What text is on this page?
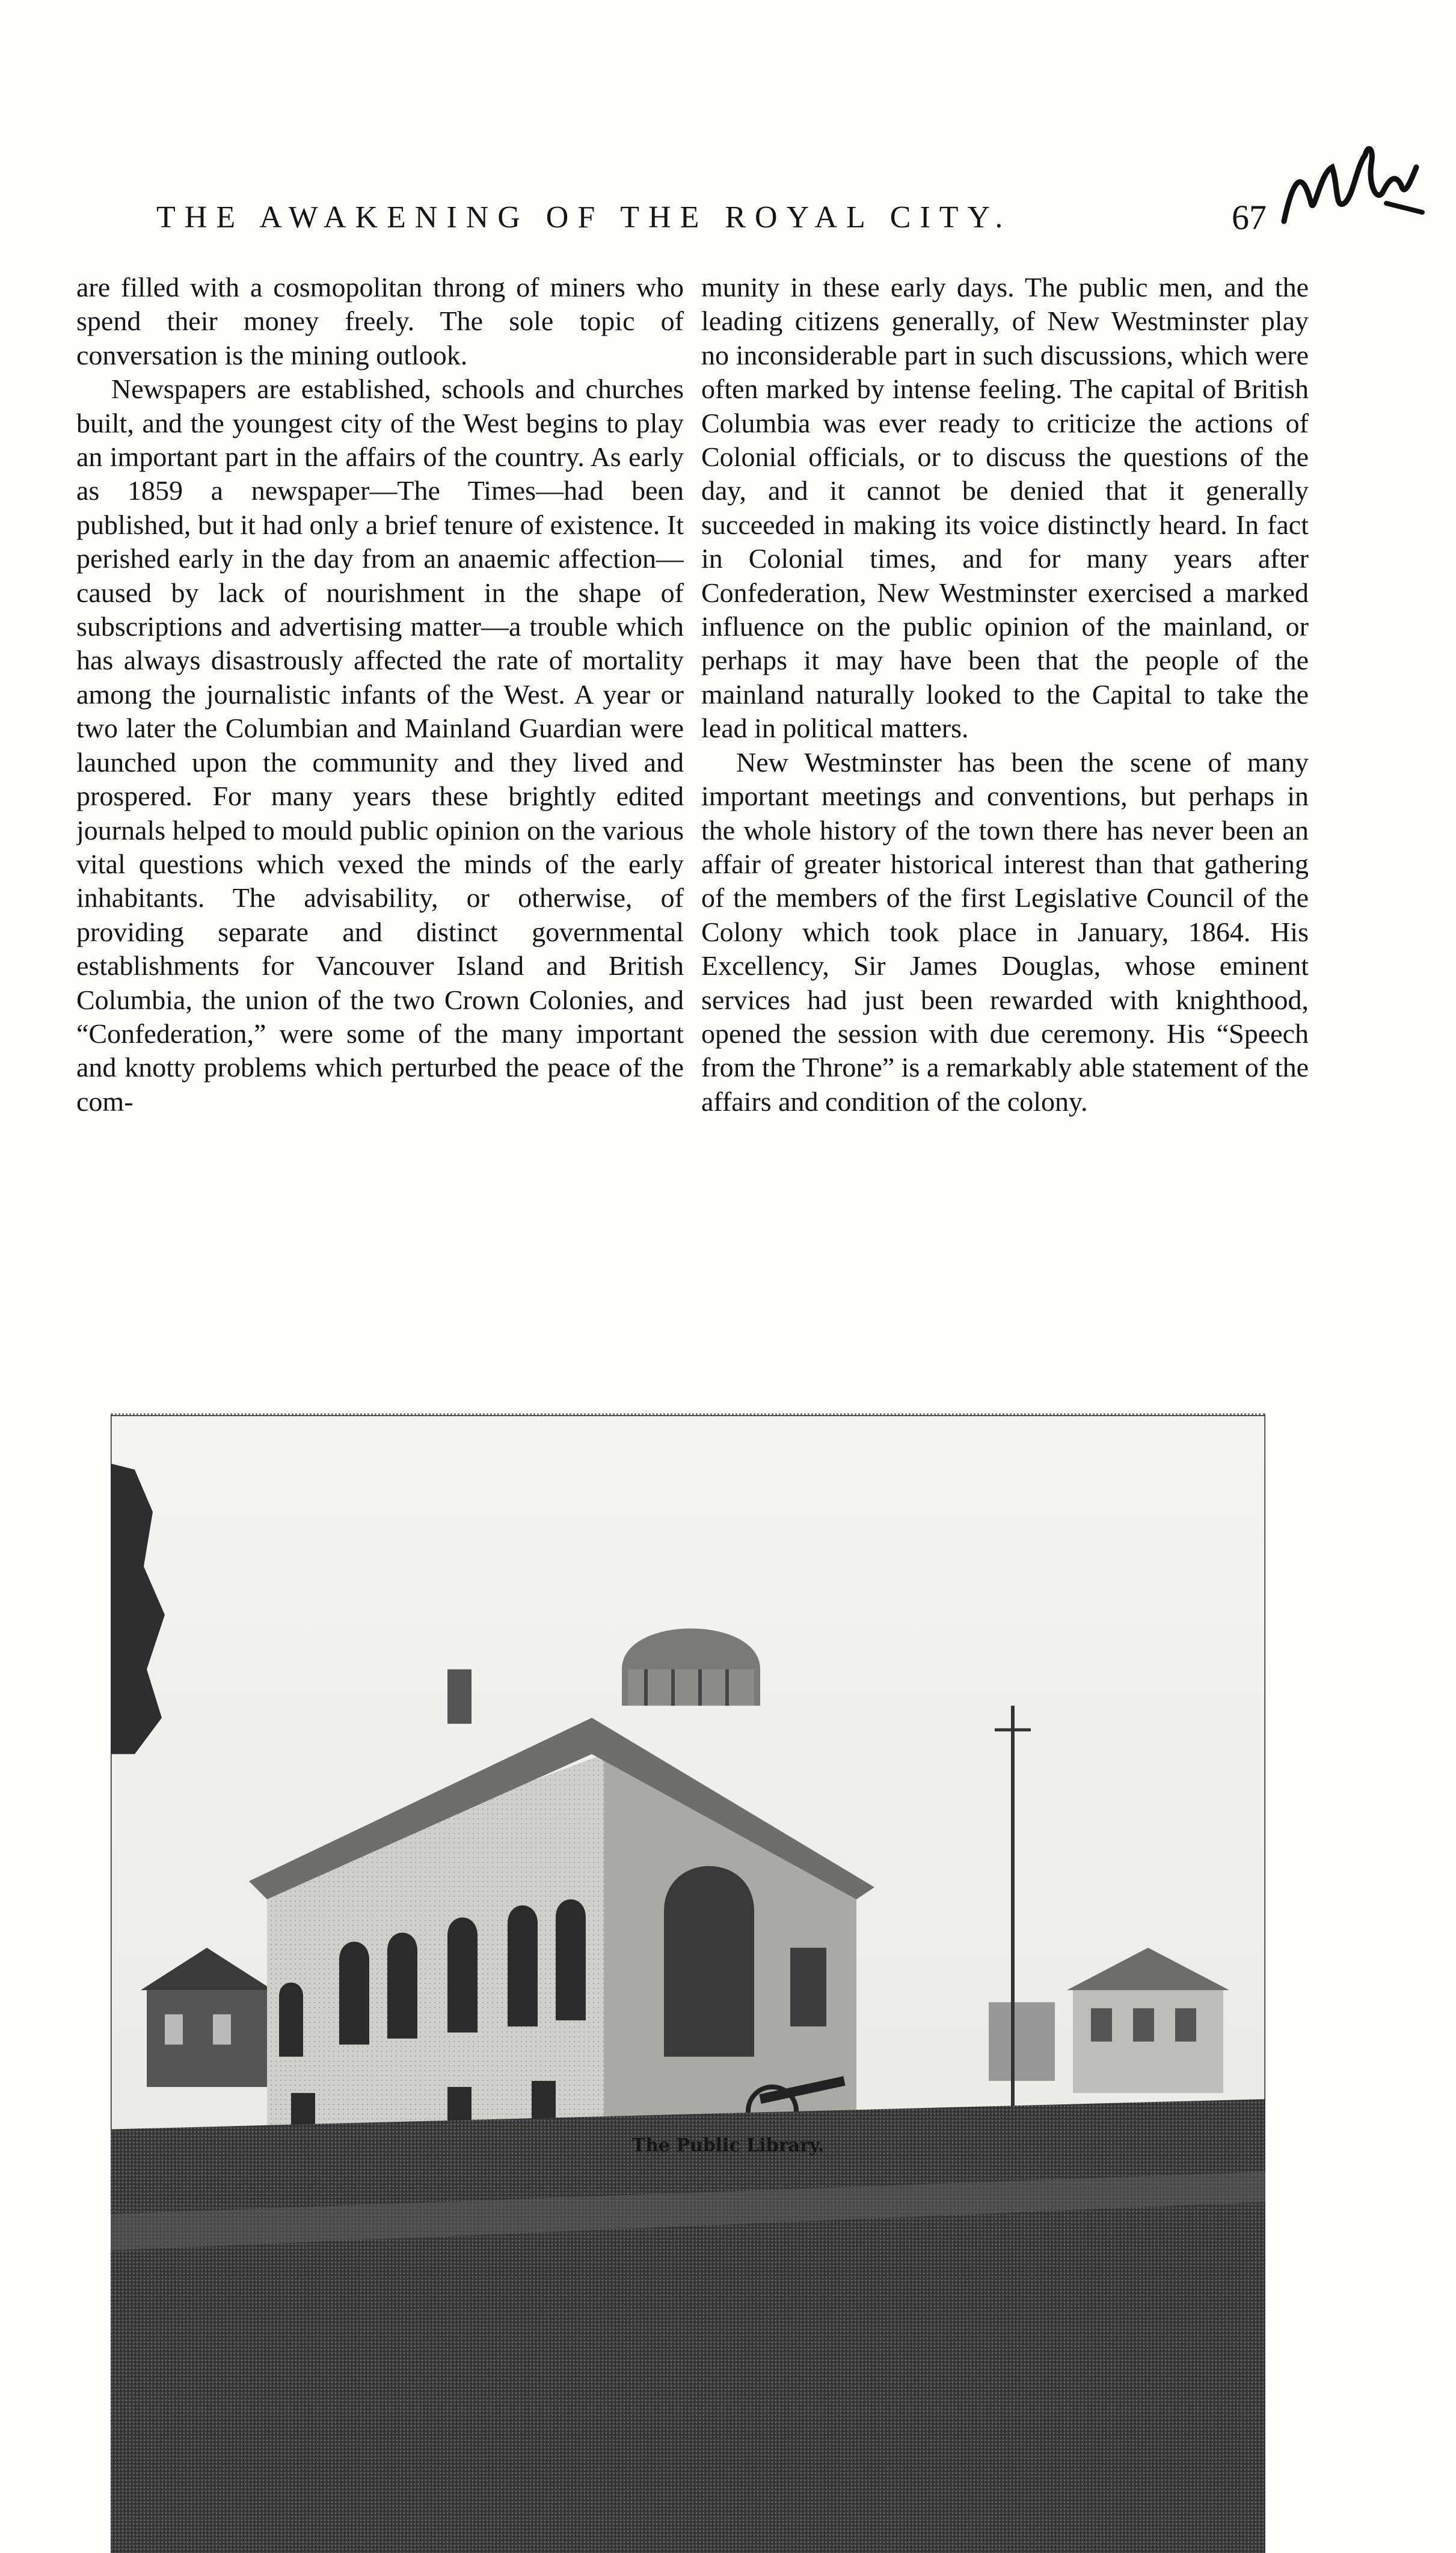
THE AWAKENING OF THE ROYAL CITY.	67

are filled with a cosmopolitan throng of miners who spend their money freely. The sole topic of conversation is the mining outlook.

Newspapers are established, schools and churches built, and the youngest city of the West begins to play an important part in the affairs of the country. As early as 1859 a newspaper—The Times—had been published, but it had only a brief tenure of existence. It perished early in the day from an anaemic affection—caused by lack of nourishment in the shape of subscriptions and advertising matter—a trouble which has always disastrously affected the rate of mortality among the journalistic infants of the West. A year or two later the Columbian and Mainland Guardian were launched upon the community and they lived and prospered. For many years these brightly edited journals helped to mould public opinion on the various vital questions which vexed the minds of the early inhabitants. The advisability, or otherwise, of providing separate and distinct governmental establishments for Vancouver Island and British Columbia, the union of the two Crown Colonies, and “Confederation,” were some of the many important and knotty problems which perturbed the peace of the com-

munity in these early days. The public men, and the leading citizens generally, of New Westminster play no inconsiderable part in such discussions, which were often marked by intense feeling. The capital of British Columbia was ever ready to criticize the actions of Colonial officials, or to discuss the questions of the day, and it cannot be denied that it generally succeeded in making its voice distinctly heard. In fact in Colonial times, and for many years after Confederation, New Westminster exercised a marked influence on the public opinion of the mainland, or perhaps it may have been that the people of the mainland naturally looked to the Capital to take the lead in political matters.

New Westminster has been the scene of many important meetings and conventions, but perhaps in the whole history of the town there has never been an affair of greater historical interest than that gathering of the members of the first Legislative Council of the Colony which took place in January, 1864. His Excellency, Sir James Douglas, whose eminent services had just been rewarded with knighthood, opened the session with due ceremony. His “Speech from the Throne” is a remarkably able statement of the affairs and condition of the colony.

The Public Library.
